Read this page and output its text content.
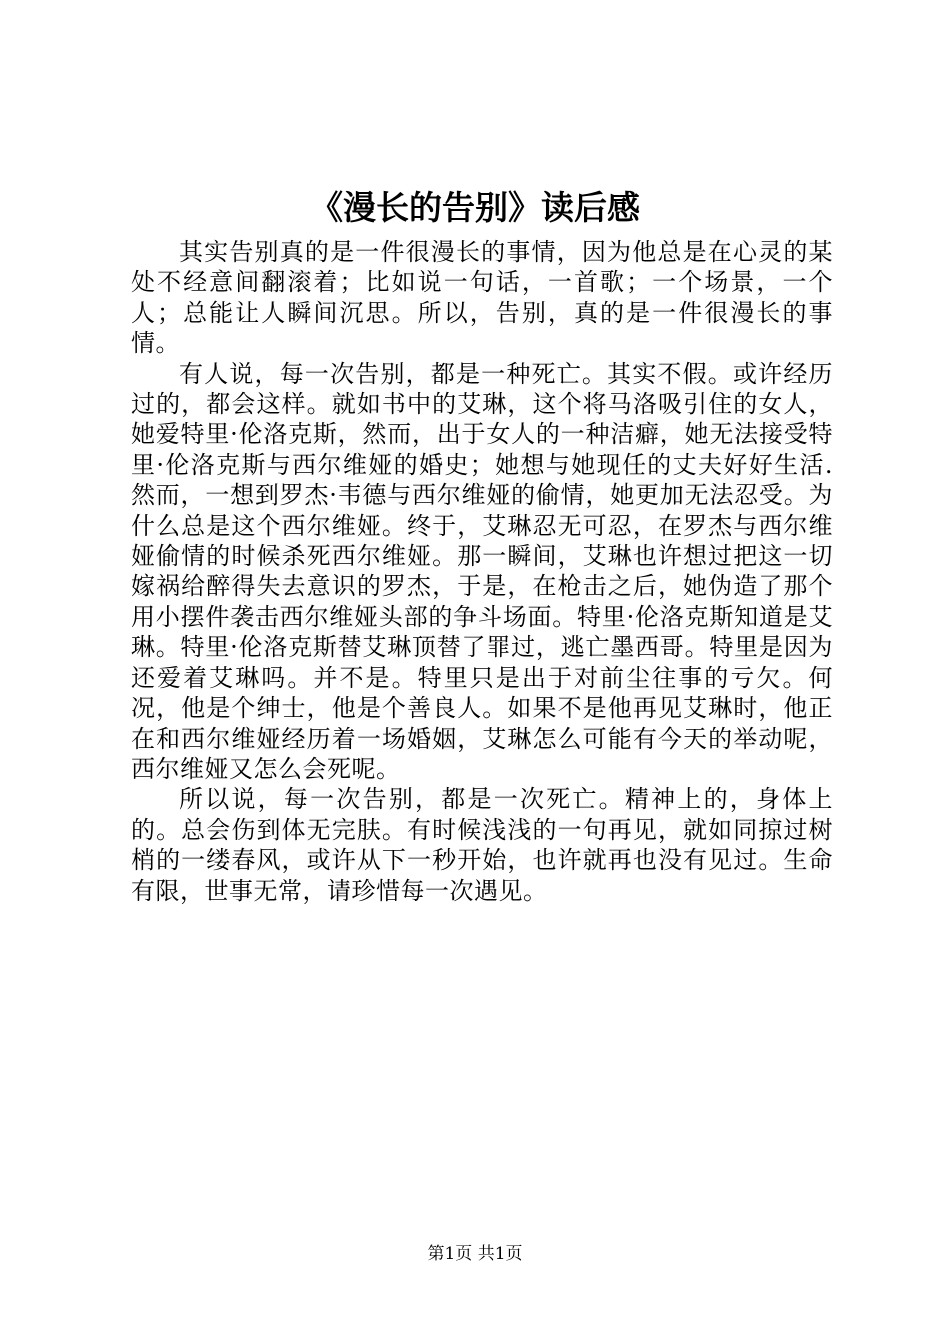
《漫长的告别》读后感

其实告别真的是一件很漫长的事情，因为他总是在心灵的某处不经意间翻滚着；比如说一句话，一首歌；一个场景，一个人；总能让人瞬间沉思。所以，告别，真的是一件很漫长的事情。

有人说，每一次告别，都是一种死亡。其实不假。或许经历过的，都会这样。就如书中的艾琳，这个将马洛吸引住的女人，她爱特里·伦洛克斯，然而，出于女人的一种洁癖，她无法接受特里·伦洛克斯与西尔维娅的婚史；她想与她现任的丈夫好好生活.然而，一想到罗杰·韦德与西尔维娅的偷情，她更加无法忍受。为什么总是这个西尔维娅。终于，艾琳忍无可忍，在罗杰与西尔维娅偷情的时候杀死西尔维娅。那一瞬间，艾琳也许想过把这一切嫁祸给醉得失去意识的罗杰，于是，在枪击之后，她伪造了那个用小摆件袭击西尔维娅头部的争斗场面。特里·伦洛克斯知道是艾琳。特里·伦洛克斯替艾琳顶替了罪过，逃亡墨西哥。特里是因为还爱着艾琳吗。并不是。特里只是出于对前尘往事的亏欠。何况，他是个绅士，他是个善良人。如果不是他再见艾琳时，他正在和西尔维娅经历着一场婚姻，艾琳怎么可能有今天的举动呢，西尔维娅又怎么会死呢。

所以说，每一次告别，都是一次死亡。精神上的，身体上的。总会伤到体无完肤。有时候浅浅的一句再见，就如同掠过树梢的一缕春风，或许从下一秒开始，也许就再也没有见过。生命有限，世事无常，请珍惜每一次遇见。

第1页 共1页
